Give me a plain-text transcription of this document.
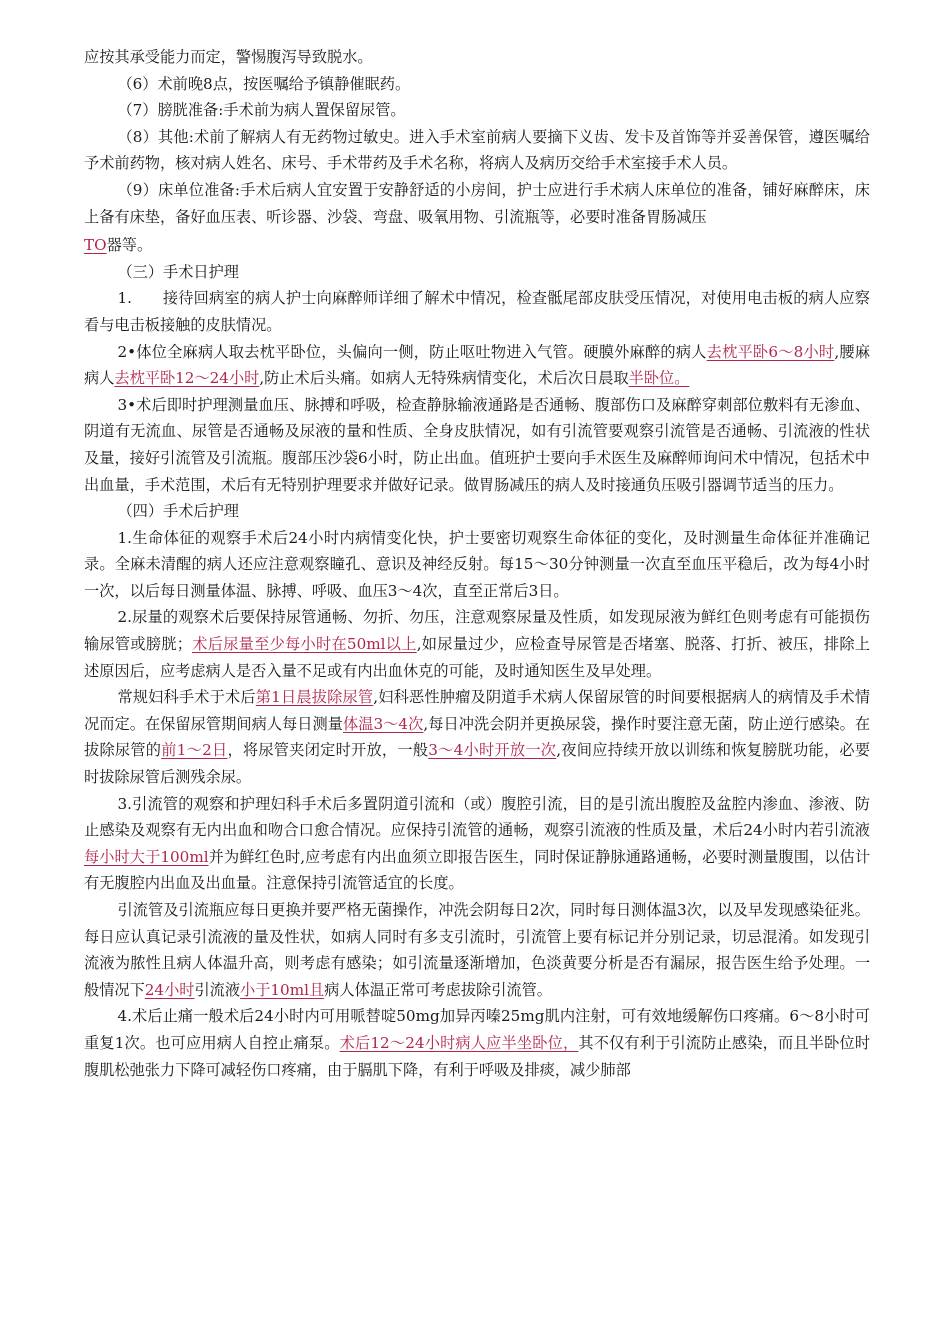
应按其承受能力而定，警惕腹泻导致脱水。

（6）术前晚8点，按医嘱给予镇静催眠药。

（7）膀胱准备:手术前为病人置保留尿管。

（8）其他:术前了解病人有无药物过敏史。进入手术室前病人要摘下义齿、发卡及首饰等并妥善保管，遵医嘱给予术前药物，核对病人姓名、床号、手术带药及手术名称，将病人及病历交给手术室接手术人员。

（9）床单位准备:手术后病人宜安置于安静舒适的小房间，护士应进行手术病人床单位的准备，铺好麻醉床，床上备有床垫，备好血压表、听诊器、沙袋、弯盘、吸氧用物、引流瓶等，必要时准备胃肠减压

TO器等。

（三）手术日护理

1.　　接待回病室的病人护士向麻醉师详细了解术中情况，检查骶尾部皮肤受压情况，对使用电击板的病人应察看与电击板接触的皮肤情况。

2•体位全麻病人取去枕平卧位，头偏向一侧，防止呕吐物进入气管。硬膜外麻醉的病人去枕平卧6〜8小时,腰麻病人去枕平卧12〜24小时,防止术后头痛。如病人无特殊病情变化，术后次日晨取半卧位。

3•术后即时护理测量血压、脉搏和呼吸，检查静脉输液通路是否通畅、腹部伤口及麻醉穿刺部位敷料有无渗血、阴道有无流血、尿管是否通畅及尿液的量和性质、全身皮肤情况，如有引流管要观察引流管是否通畅、引流液的性状及量，接好引流管及引流瓶。腹部压沙袋6小时，防止出血。值班护士要向手术医生及麻醉师询问术中情况，包括术中出血量，手术范围，术后有无特别护理要求并做好记录。做胃肠减压的病人及时接通负压吸引器调节适当的压力。

（四）手术后护理

1.生命体征的观察手术后24小时内病情变化快，护士要密切观察生命体征的变化，及时测量生命体征并准确记录。全麻未清醒的病人还应注意观察瞳孔、意识及神经反射。每15〜30分钟测量一次直至血压平稳后，改为每4小时一次，以后每日测量体温、脉搏、呼吸、血压3〜4次，直至正常后3日。

2.尿量的观察术后要保持尿管通畅、勿折、勿压，注意观察尿量及性质，如发现尿液为鲜红色则考虑有可能损伤输尿管或膀胱；术后尿量至少每小时在50ml以上,如尿量过少，应检查导尿管是否堵塞、脱落、打折、被压，排除上述原因后，应考虑病人是否入量不足或有内出血休克的可能，及时通知医生及早处理。

常规妇科手术于术后第1日晨拔除尿管,妇科恶性肿瘤及阴道手术病人保留尿管的时间要根据病人的病情及手术情况而定。在保留尿管期间病人每日测量体温3〜4次,每日冲洗会阴并更换尿袋，操作时要注意无菌，防止逆行感染。在拔除尿管的前1〜2日，将尿管夹闭定时开放，一般3〜4小时开放一次,夜间应持续开放以训练和恢复膀胱功能，必要时拔除尿管后测残余尿。

3.引流管的观察和护理妇科手术后多置阴道引流和（或）腹腔引流，目的是引流出腹腔及盆腔内渗血、渗液、防止感染及观察有无内出血和吻合口愈合情况。应保持引流管的通畅，观察引流液的性质及量，术后24小时内若引流液每小时大于100ml并为鲜红色时,应考虑有内出血须立即报告医生，同时保证静脉通路通畅，必要时测量腹围，以估计有无腹腔内出血及出血量。注意保持引流管适宜的长度。

引流管及引流瓶应每日更换并要严格无菌操作，冲洗会阴每日2次，同时每日测体温3次，以及早发现感染征兆。每日应认真记录引流液的量及性状，如病人同时有多支引流时，引流管上要有标记并分别记录，切忌混淆。如发现引流液为脓性且病人体温升高，则考虑有感染；如引流量逐渐增加，色淡黄要分析是否有漏尿，报告医生给予处理。一般情况下24小时引流液小于10ml且病人体温正常可考虑拔除引流管。

4.术后止痛一般术后24小时内可用哌替啶50mg加异丙嗪25mg肌内注射，可有效地缓解伤口疼痛。6〜8小时可重复1次。也可应用病人自控止痛泵。术后12〜24小时病人应半坐卧位，其不仅有利于引流防止感染，而且半卧位时腹肌松弛张力下降可减轻伤口疼痛，由于膈肌下降，有利于呼吸及排痰，减少肺部
